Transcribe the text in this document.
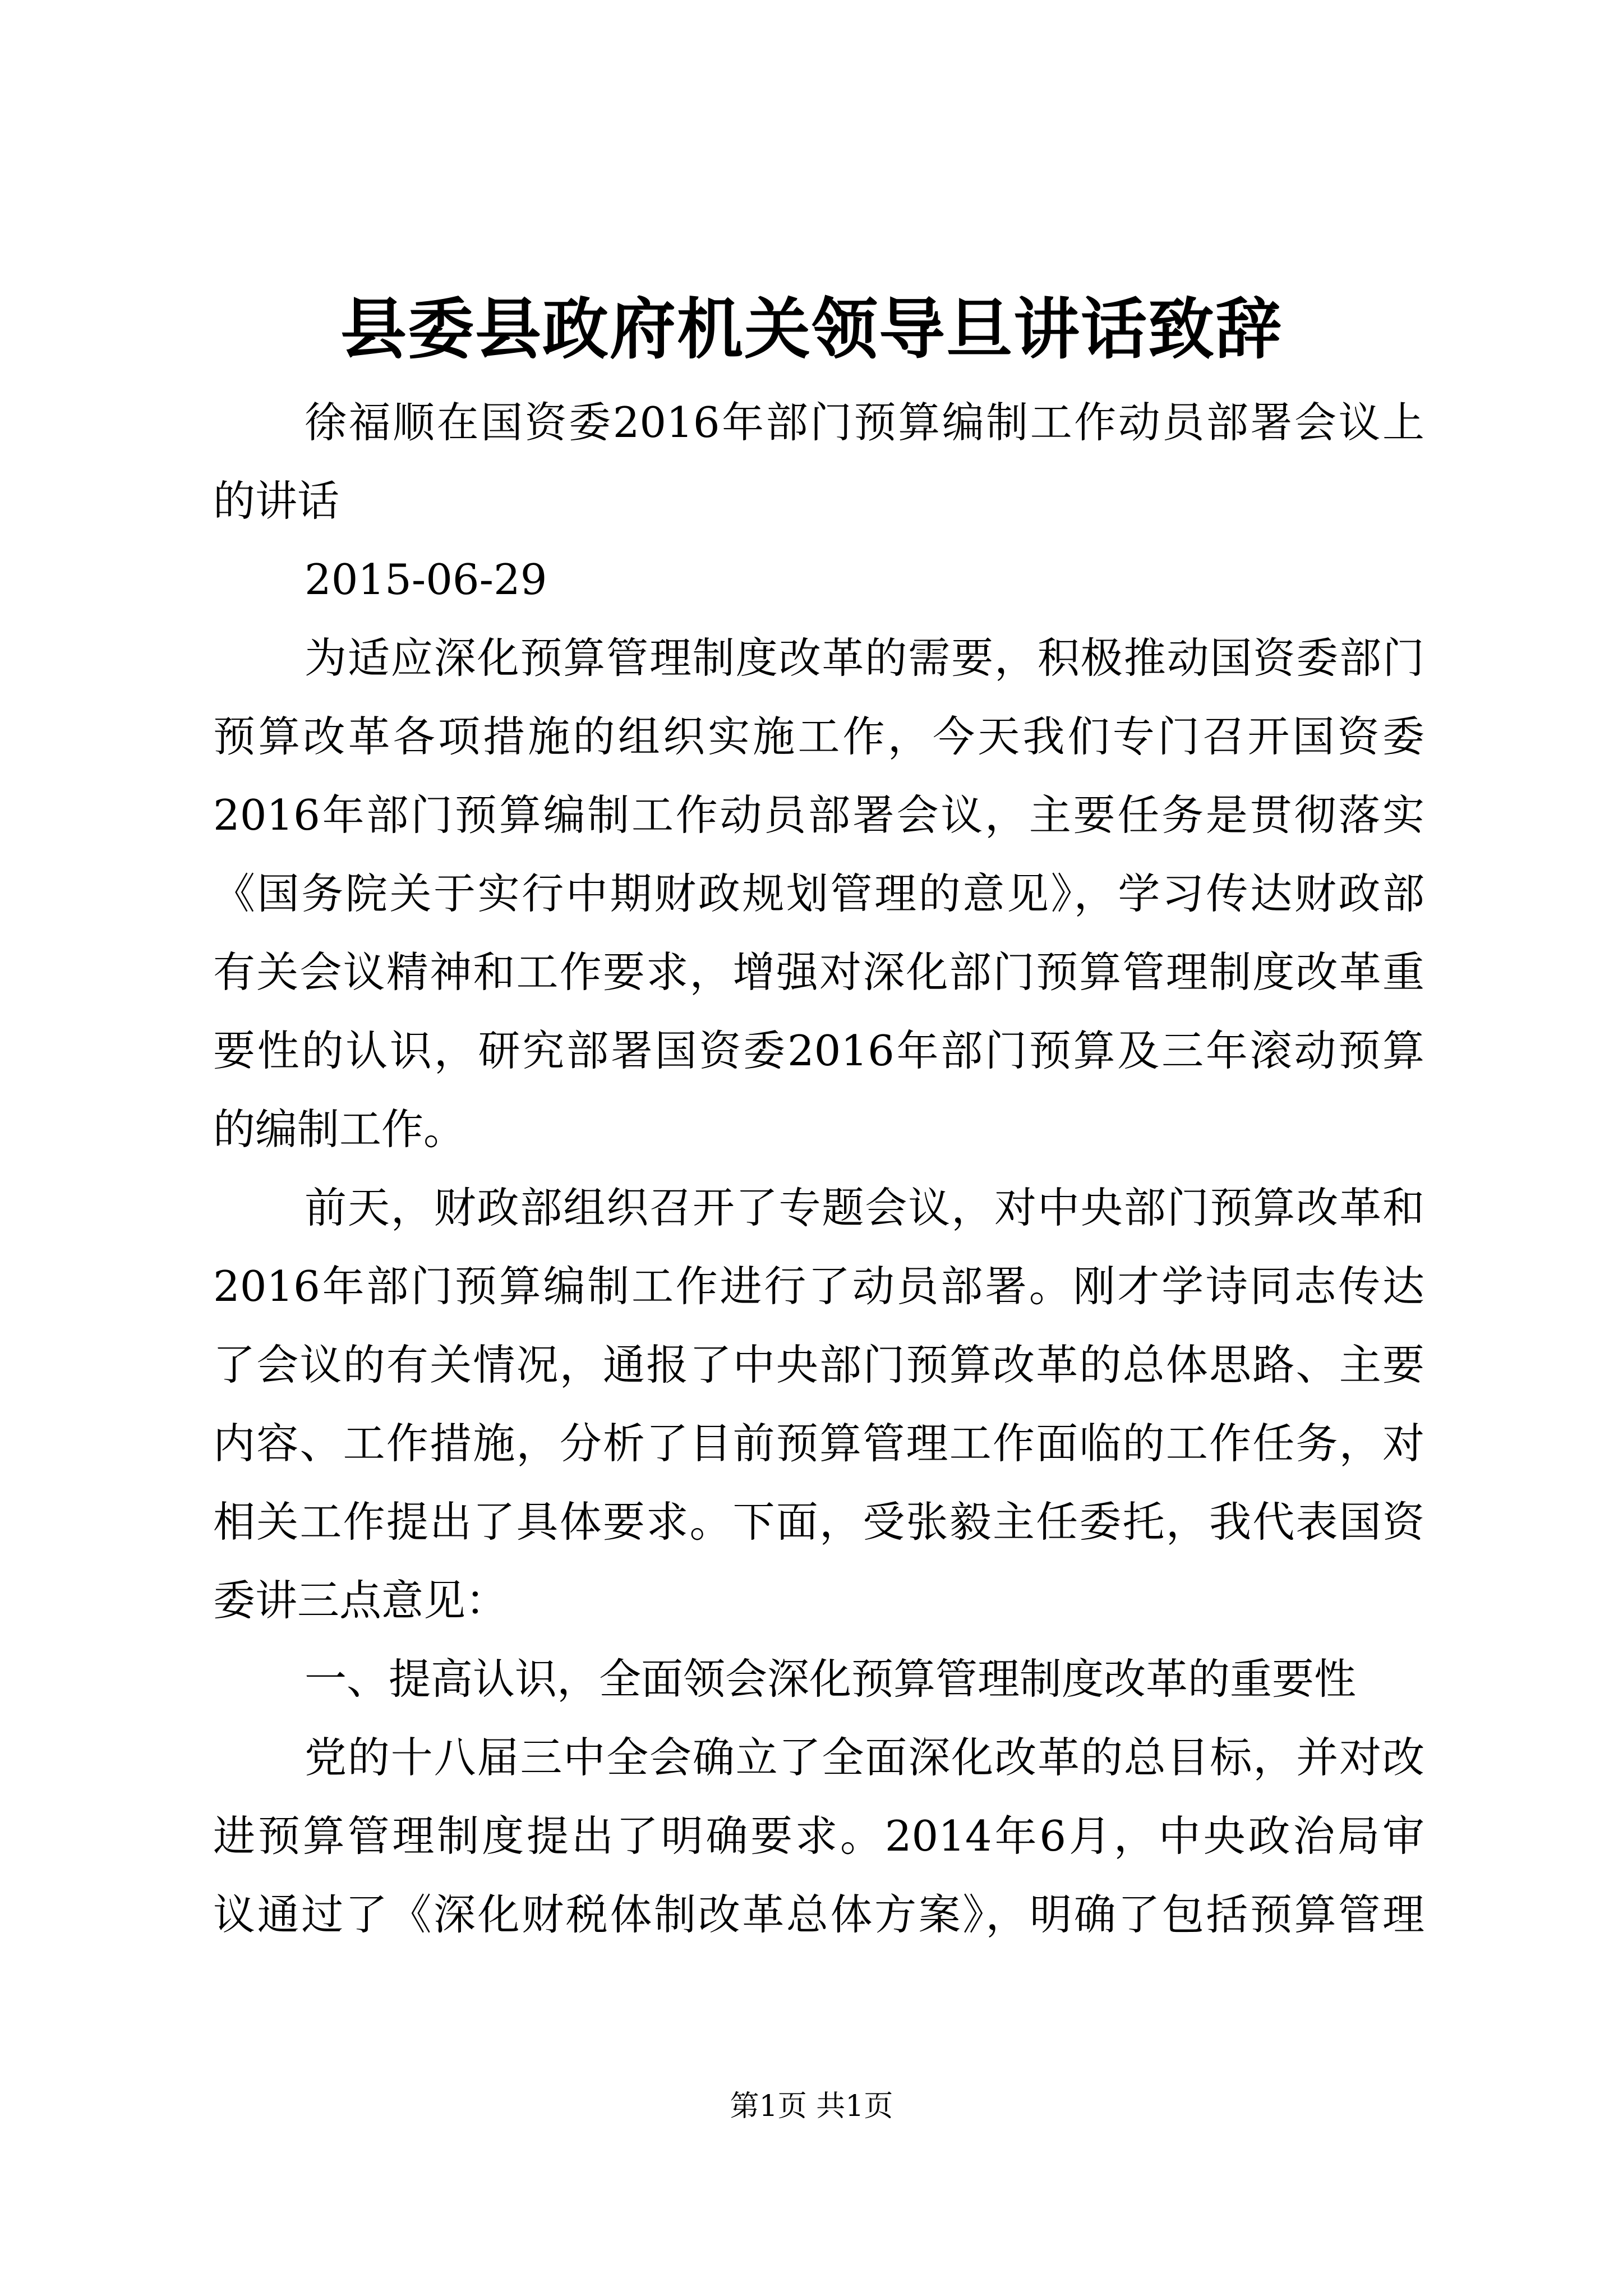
县委县政府机关领导旦讲话致辞
徐福顺在国资委2016年部门预算编制工作动员部署会议上
的讲话
2015-06-29
为适应深化预算管理制度改革的需要，积极推动国资委部门
预算改革各项措施的组织实施工作，今天我们专门召开国资委
2016年部门预算编制工作动员部署会议，主要任务是贯彻落实
《国务院关于实行中期财政规划管理的意见》，学习传达财政部
有关会议精神和工作要求，增强对深化部门预算管理制度改革重
要性的认识，研究部署国资委2016年部门预算及三年滚动预算
的编制工作。
前天，财政部组织召开了专题会议，对中央部门预算改革和
2016年部门预算编制工作进行了动员部署。刚才学诗同志传达
了会议的有关情况，通报了中央部门预算改革的总体思路、主要
内容、工作措施，分析了目前预算管理工作面临的工作任务，对
相关工作提出了具体要求。下面，受张毅主任委托，我代表国资
委讲三点意见：
一、提高认识，全面领会深化预算管理制度改革的重要性
党的十八届三中全会确立了全面深化改革的总目标，并对改
进预算管理制度提出了明确要求。2014年6月，中央政治局审
议通过了《深化财税体制改革总体方案》，明确了包括预算管理
第1页 共1页
